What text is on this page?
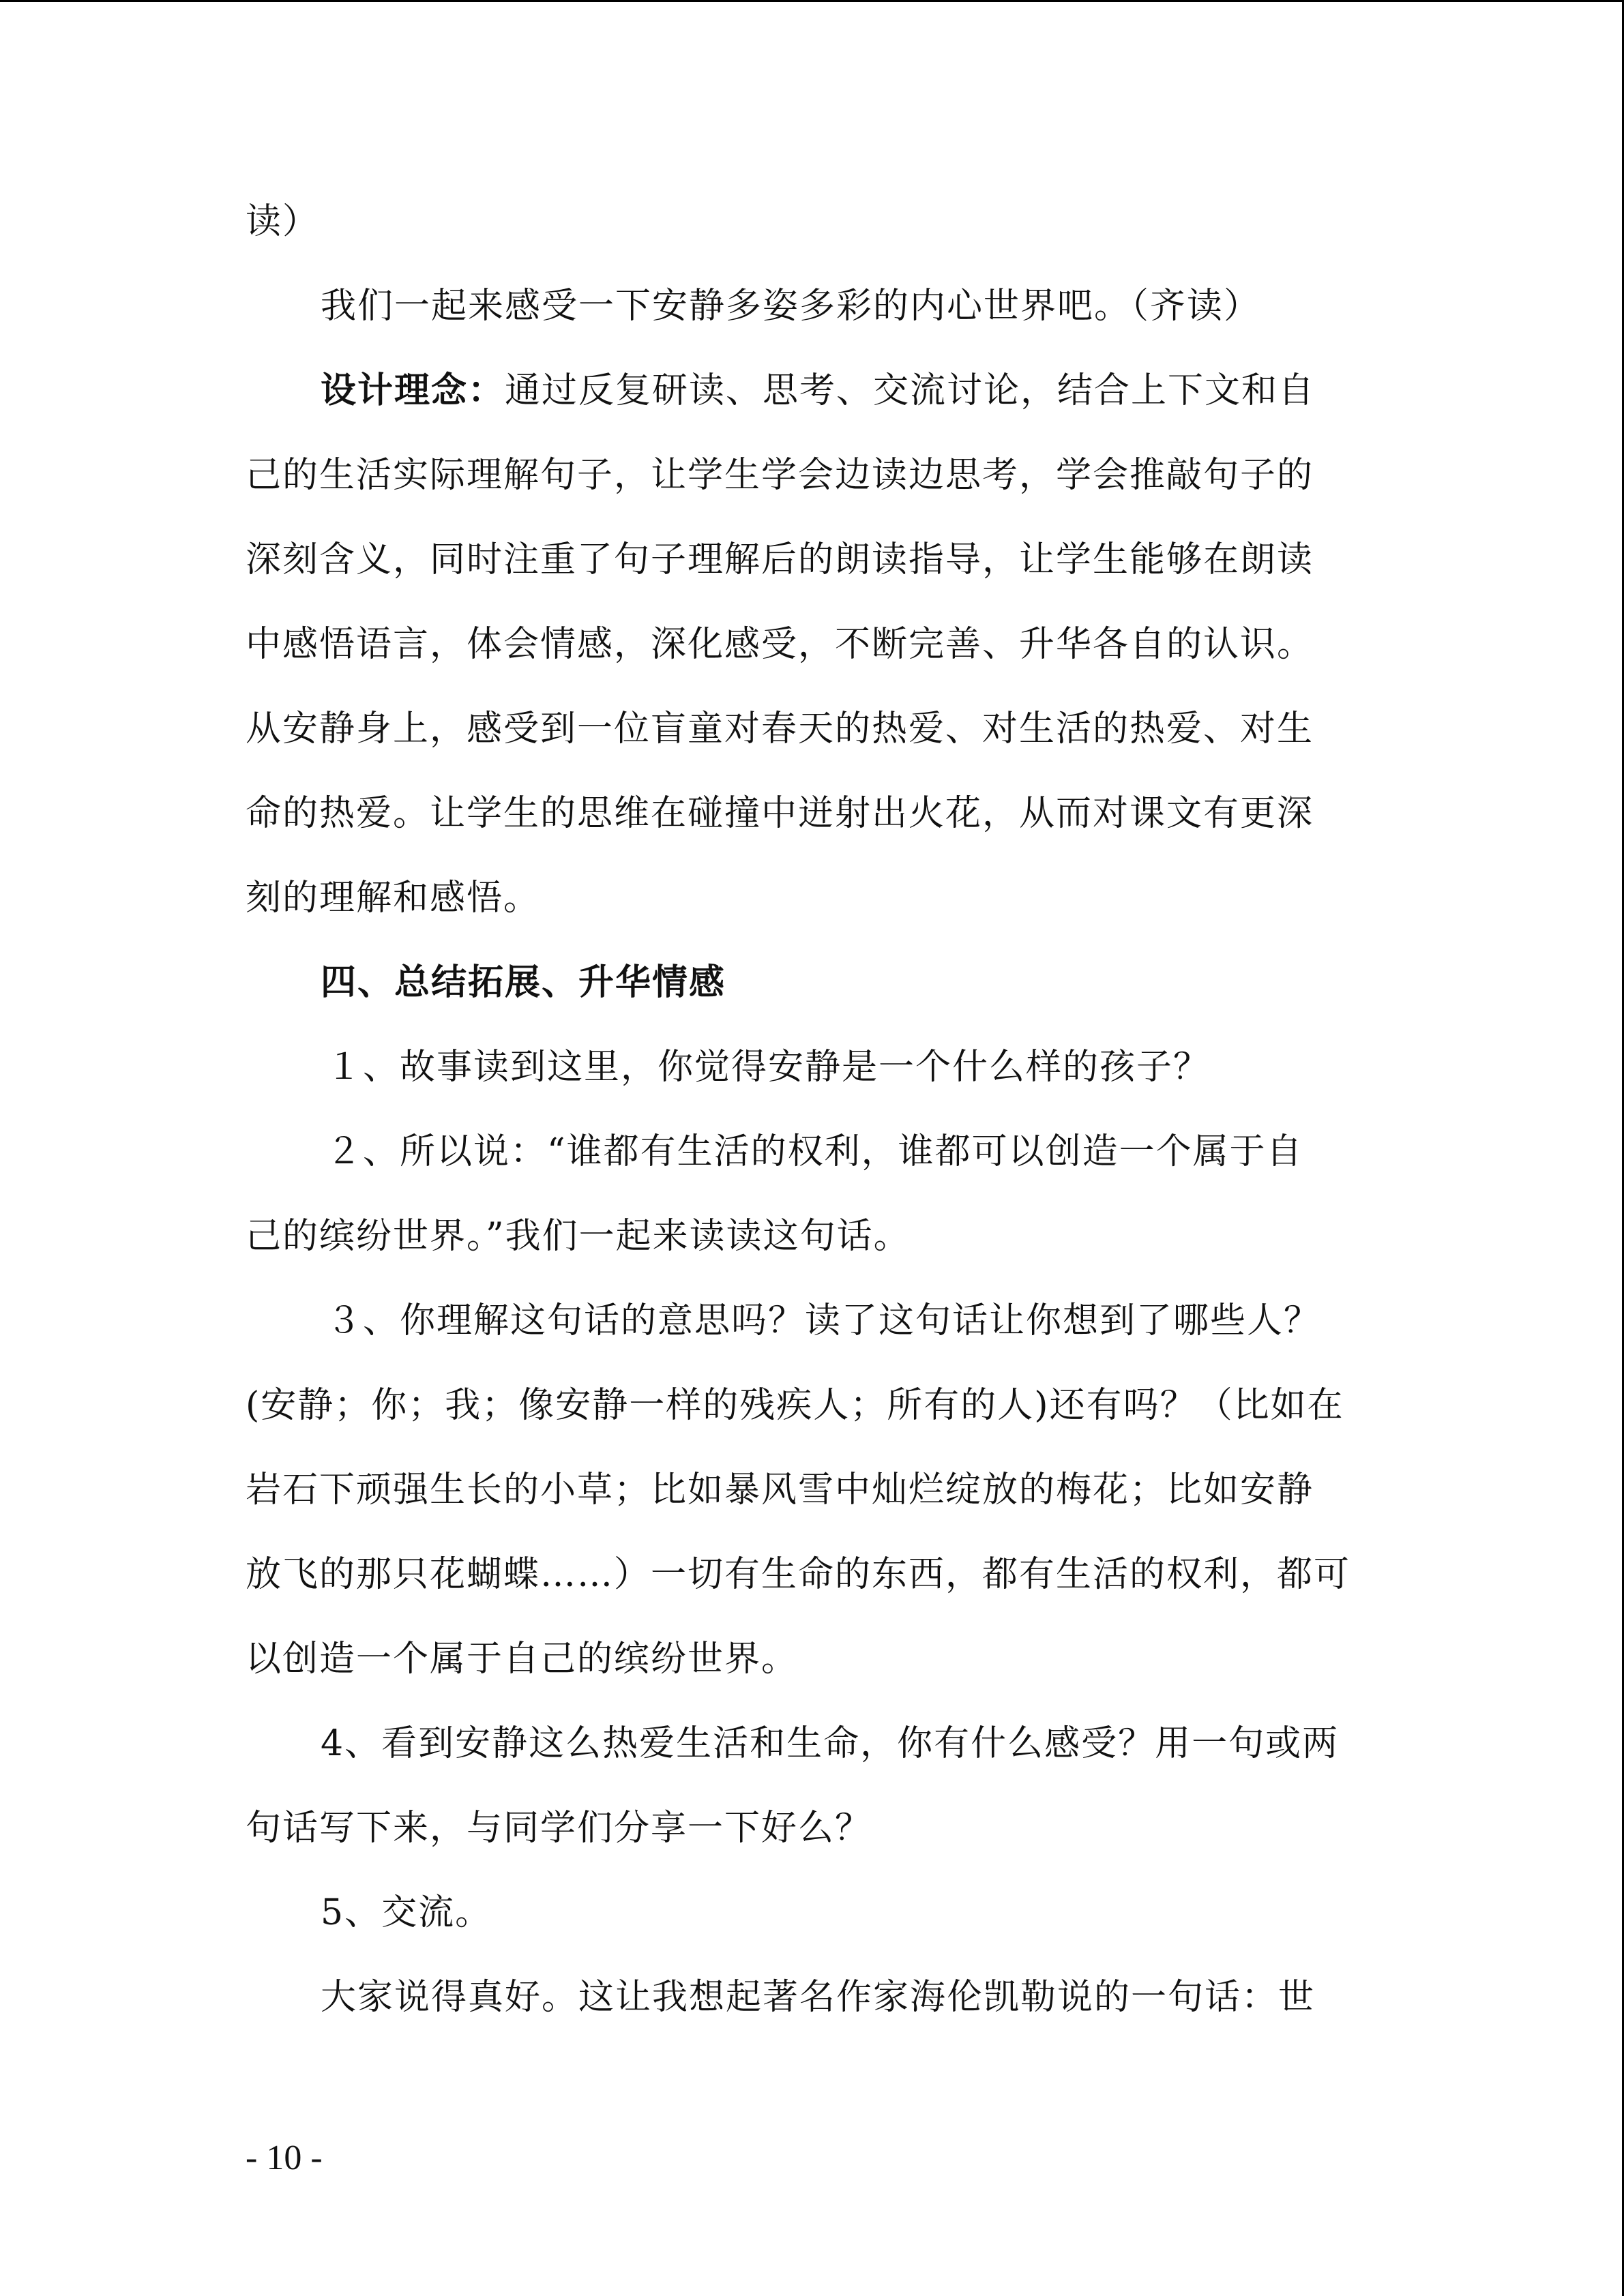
读）
我们一起来感受一下安静多姿多彩的内心世界吧。（齐读）
设计理念：通过反复研读、思考、交流讨论，结合上下文和自
己的生活实际理解句子，让学生学会边读边思考，学会推敲句子的
深刻含义，同时注重了句子理解后的朗读指导，让学生能够在朗读
中感悟语言，体会情感，深化感受，不断完善、升华各自的认识。
从安静身上，感受到一位盲童对春天的热爱、对生活的热爱、对生
命的热爱。让学生的思维在碰撞中迸射出火花，从而对课文有更深
刻的理解和感悟。
四、总结拓展、升华情感
１、故事读到这里，你觉得安静是一个什么样的孩子？
２、所以说：“谁都有生活的权利，谁都可以创造一个属于自
己的缤纷世界。”我们一起来读读这句话。
３、你理解这句话的意思吗？读了这句话让你想到了哪些人？
(安静；你；我；像安静一样的残疾人；所有的人)还有吗？（比如在
岩石下顽强生长的小草；比如暴风雪中灿烂绽放的梅花；比如安静
放飞的那只花蝴蝶……）一切有生命的东西，都有生活的权利，都可
以创造一个属于自己的缤纷世界。
4、看到安静这么热爱生活和生命，你有什么感受？用一句或两
句话写下来，与同学们分享一下好么？
5、交流。
大家说得真好。这让我想起著名作家海伦凯勒说的一句话：世
- 10 -
